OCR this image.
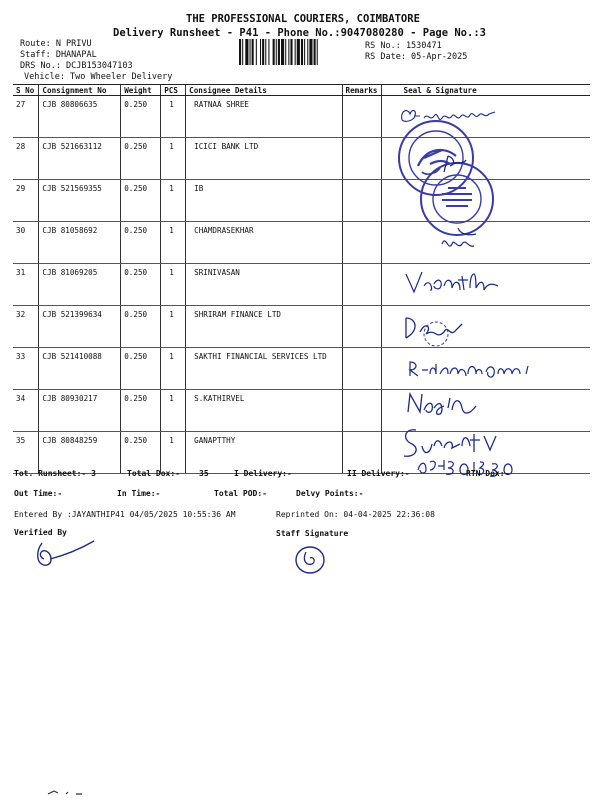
THE PROFESSIONAL COURIERS, COIMBATORE
Delivery Runsheet - P41 - Phone No.:9047080280 - Page No.:3
Route: N PRIVU
Staff: DHANAPAL
DRS No.: DCJB153047103
Vehicle: Two Wheeler Delivery
RS No.: 1530471
RS Date: 05-Apr-2025
S No	Consignment No	Weight	PCS	Consignee Details	Remarks	Seal & Signature
27	CJB 80806635	0.250	1	RATNAA SHREE		
28	CJB 521663112	0.250	1	ICICI BANK LTD		
29	CJB 521569355	0.250	1	IB		
30	CJB 81058692	0.250	1	CHAMDRASEKHAR		
31	CJB 81069205	0.250	1	SRINIVASAN		
32	CJB 521399634	0.250	1	SHRIRAM FINANCE LTD		
33	CJB 521410088	0.250	1	SAKTHI FINANCIAL SERVICES LTD		
34	CJB 80930217	0.250	1	S.KATHIRVEL		
35	CJB 80848259	0.250	1	GANAPTTHY		
Tot. Runsheet:- 3	Total Dox:- 35	I Delivery:-	II Delivery:-	RTN Dox:-
Out Time:-	In Time:-	Total POD:-	Delvy Points:-
Entered By :JAYANTHIP41 04/05/2025 10:55:36 AM	Reprinted On: 04-04-2025 22:36:08
Verified By	Staff Signature
